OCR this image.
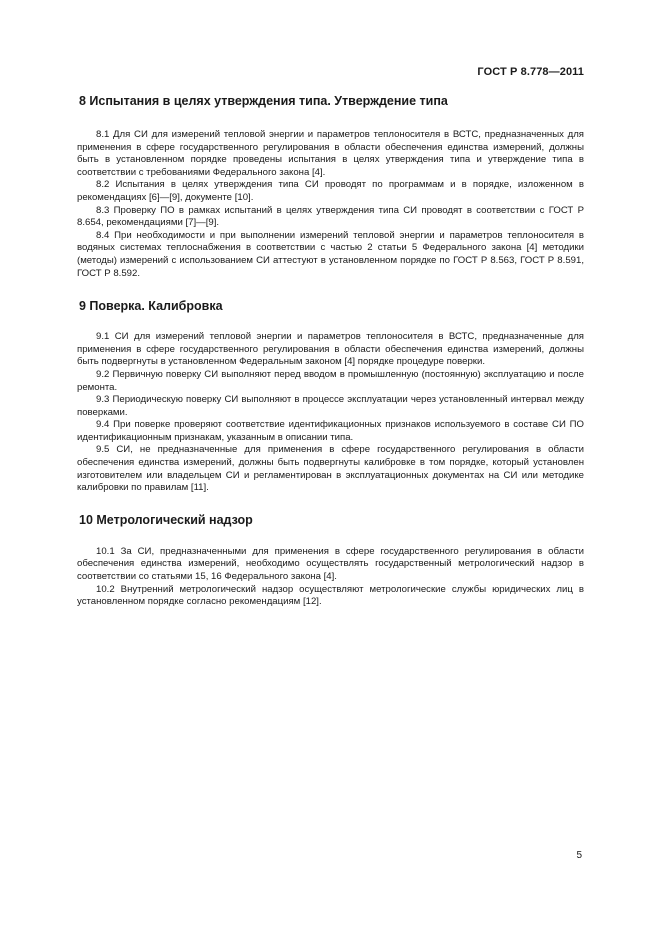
ГОСТ Р 8.778—2011
8 Испытания в целях утверждения типа. Утверждение типа

8.1 Для СИ для измерений тепловой энергии и параметров теплоносителя в ВСТС, предназначенных для применения в сфере государственного регулирования в области обеспечения единства измерений, должны быть в установленном порядке проведены испытания в целях утверждения типа и утверждение типа в соответствии с требованиями Федерального закона [4].

8.2 Испытания в целях утверждения типа СИ проводят по программам и в порядке, изложенном в рекомендациях [6]—[9], документе [10].

8.3 Проверку ПО в рамках испытаний в целях утверждения типа СИ проводят в соответствии с ГОСТ Р 8.654, рекомендациями [7]—[9].

8.4 При необходимости и при выполнении измерений тепловой энергии и параметров теплоносителя в водяных системах теплоснабжения в соответствии с частью 2 статьи 5 Федерального закона [4] методики (методы) измерений с использованием СИ аттестуют в установленном порядке по ГОСТ Р 8.563, ГОСТ Р 8.591, ГОСТ Р 8.592.

9 Поверка. Калибровка

9.1 СИ для измерений тепловой энергии и параметров теплоносителя в ВСТС, предназначенные для применения в сфере государственного регулирования в области обеспечения единства измерений, должны быть подвергнуты в установленном Федеральным законом [4] порядке процедуре поверки.

9.2 Первичную поверку СИ выполняют перед вводом в промышленную (постоянную) эксплуатацию и после ремонта.

9.3 Периодическую поверку СИ выполняют в процессе эксплуатации через установленный интервал между поверками.

9.4 При поверке проверяют соответствие идентификационных признаков используемого в составе СИ ПО идентификационным признакам, указанным в описании типа.

9.5 СИ, не предназначенные для применения в сфере государственного регулирования в области обеспечения единства измерений, должны быть подвергнуты калибровке в том порядке, который установлен изготовителем или владельцем СИ и регламентирован в эксплуатационных документах на СИ или методике калибровки по правилам [11].

10 Метрологический надзор

10.1 За СИ, предназначенными для применения в сфере государственного регулирования в области обеспечения единства измерений, необходимо осуществлять государственный метрологический надзор в соответствии со статьями 15, 16 Федерального закона [4].

10.2 Внутренний метрологический надзор осуществляют метрологические службы юридических лиц в установленном порядке согласно рекомендациям [12].

5
